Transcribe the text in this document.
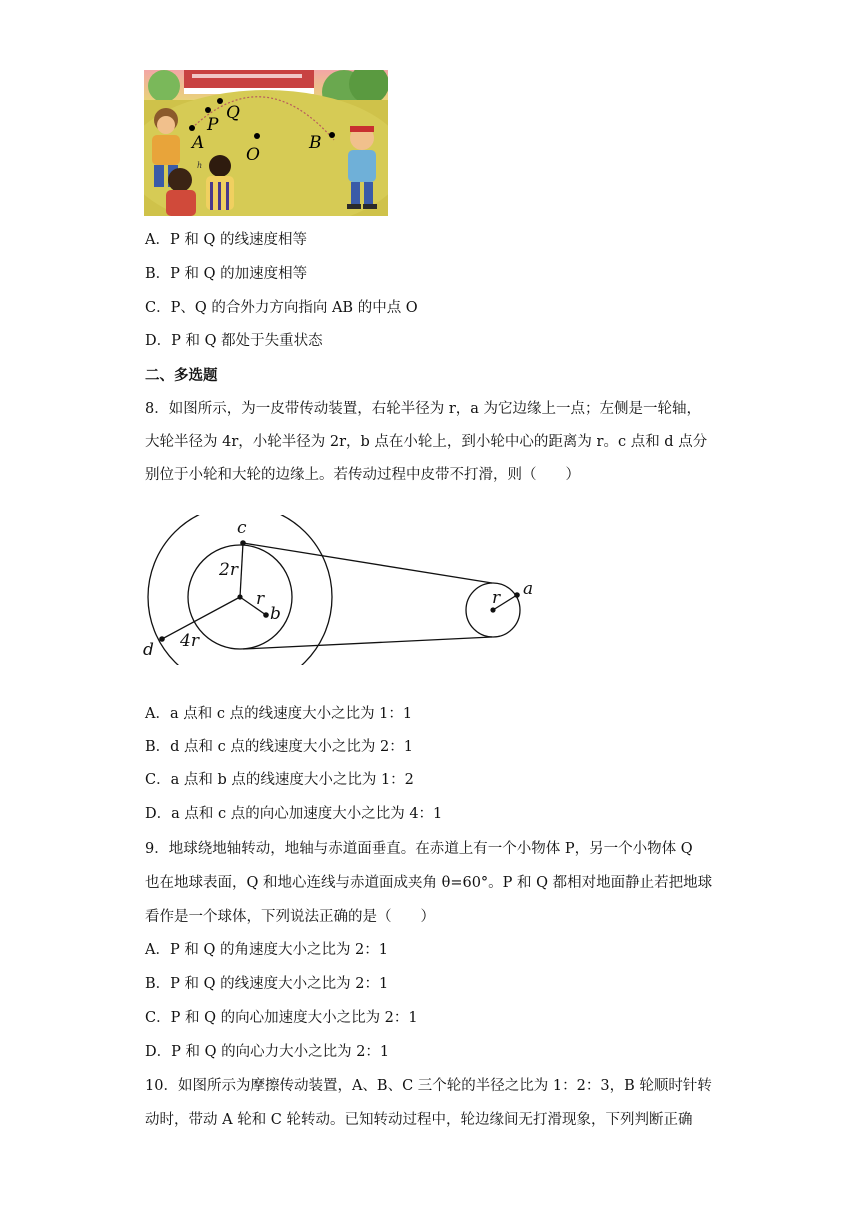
A
P
Q
O
B
h
A．P 和 Q 的线速度相等
B．P 和 Q 的加速度相等
C．P、Q 的合外力方向指向 AB 的中点 O
D．P 和 Q 都处于失重状态
二、多选题
8．如图所示，为一皮带传动装置，右轮半径为 r，a 为它边缘上一点；左侧是一轮轴，
大轮半径为 4r，小轮半径为 2r，b 点在小轮上，到小轮中心的距离为 r。c 点和 d 点分
别位于小轮和大轮的边缘上。若传动过程中皮带不打滑，则（　　）
c
2r
r
b
4r
d
r a
A．a 点和 c 点的线速度大小之比为 1：1
B．d 点和 c 点的线速度大小之比为 2：1
C．a 点和 b 点的线速度大小之比为 1：2
D．a 点和 c 点的向心加速度大小之比为 4：1
9．地球绕地轴转动，地轴与赤道面垂直。在赤道上有一个小物体 P，另一个小物体 Q
也在地球表面，Q 和地心连线与赤道面成夹角 θ=60°。P 和 Q 都相对地面静止若把地球
看作是一个球体，下列说法正确的是（　　）
A．P 和 Q 的角速度大小之比为 2：1
B．P 和 Q 的线速度大小之比为 2：1
C．P 和 Q 的向心加速度大小之比为 2：1
D．P 和 Q 的向心力大小之比为 2：1
10．如图所示为摩擦传动装置，A、B、C 三个轮的半径之比为 1：2：3，B 轮顺时针转
动时，带动 A 轮和 C 轮转动。已知转动过程中，轮边缘间无打滑现象，下列判断正确
